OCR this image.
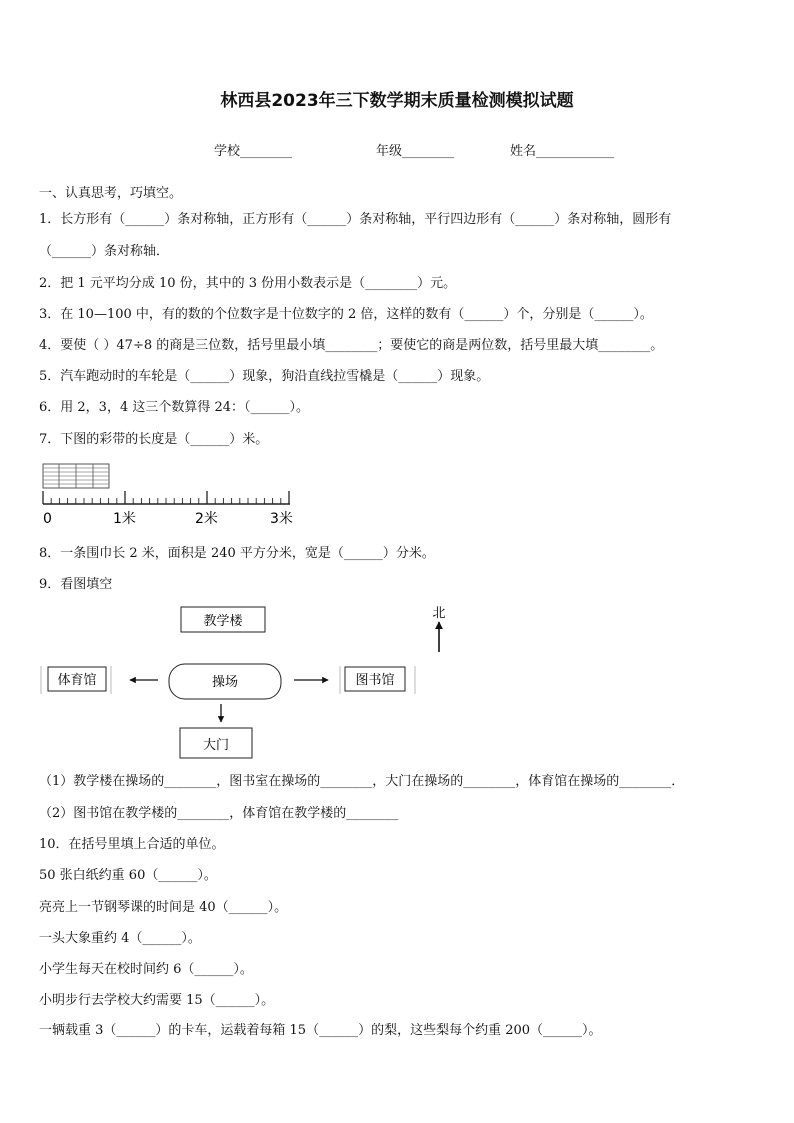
林西县2023年三下数学期末质量检测模拟试题
学校________	年级________	姓名____________
一、认真思考，巧填空。
1．长方形有（______）条对称轴，正方形有（______）条对称轴，平行四边形有（______）条对称轴，圆形有
（______）条对称轴．
2．把 1 元平均分成 10 份，其中的 3 份用小数表示是（________）元。
3．在 10—100 中，有的数的个位数字是十位数字的 2 倍，这样的数有（______）个，分别是（______）。
4．要使（ ）47÷8 的商是三位数，括号里最小填________；要使它的商是两位数，括号里最大填________。
5．汽车跑动时的车轮是（______）现象，狗沿直线拉雪橇是（______）现象。
6．用 2，3，4 这三个数算得 24：（______）。
7．下图的彩带的长度是（______）米。
0	1米	2米	3米
8．一条围巾长 2 米，面积是 240 平方分米，宽是（______）分米。
9．看图填空
教学楼
操场
体育馆	图书馆
大门
北
（1）教学楼在操场的________，图书室在操场的________，大门在操场的________，体育馆在操场的________．
（2）图书馆在教学楼的________，体育馆在教学楼的________
10．在括号里填上合适的单位。
50 张白纸约重 60（______）。
亮亮上一节钢琴课的时间是 40（______）。
一头大象重约 4（______）。
小学生每天在校时间约 6（______）。
小明步行去学校大约需要 15（______）。
一辆载重 3（______）的卡车，运载着每箱 15（______）的梨，这些梨每个约重 200（______）。
